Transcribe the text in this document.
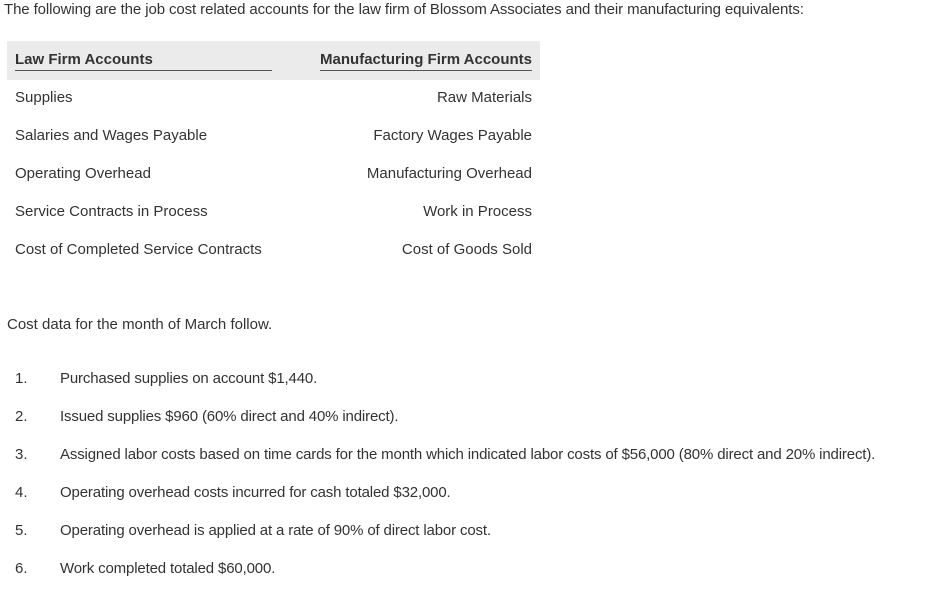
The following are the job cost related accounts for the law firm of Blossom Associates and their manufacturing equivalents:
Law Firm Accounts	Manufacturing Firm Accounts
Supplies	Raw Materials
Salaries and Wages Payable	Factory Wages Payable
Operating Overhead	Manufacturing Overhead
Service Contracts in Process	Work in Process
Cost of Completed Service Contracts	Cost of Goods Sold
Cost data for the month of March follow.
1. Purchased supplies on account $1,440.
2. Issued supplies $960 (60% direct and 40% indirect).
3. Assigned labor costs based on time cards for the month which indicated labor costs of $56,000 (80% direct and 20% indirect).
4. Operating overhead costs incurred for cash totaled $32,000.
5. Operating overhead is applied at a rate of 90% of direct labor cost.
6. Work completed totaled $60,000.
